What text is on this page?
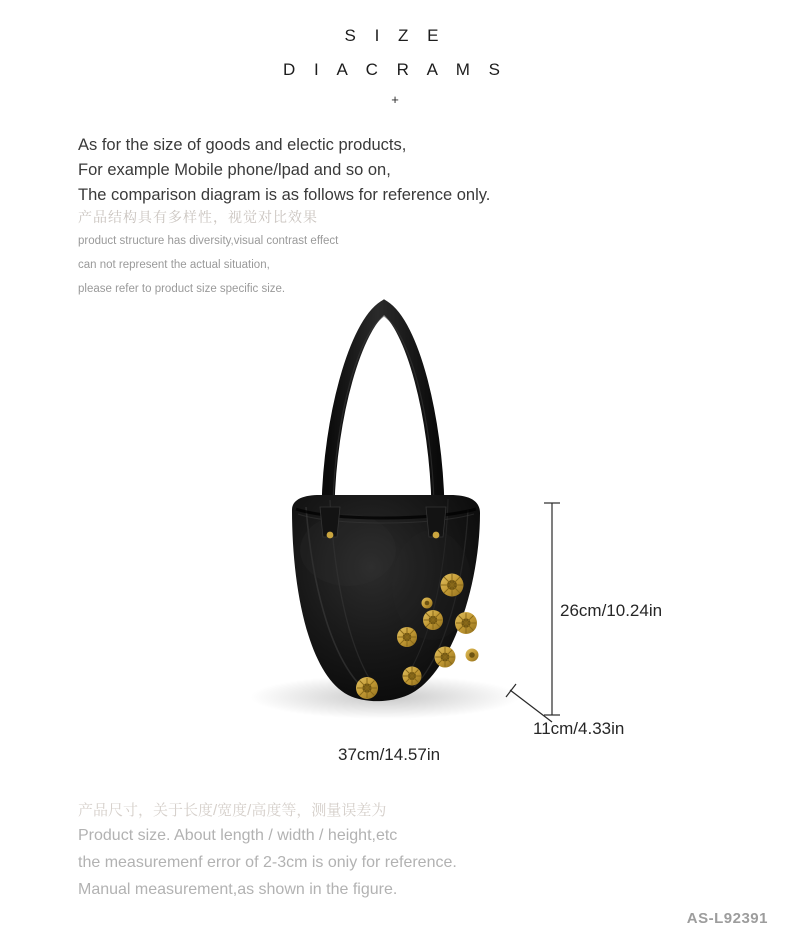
S I Z E
D I A C R A M S
+
As for the size of goods and electic products,
For example Mobile phone/lpad and so on,
The comparison diagram is as follows for reference only.
产品结构具有多样性，视觉对比效果
product structure has diversity,visual contrast effect
can not represent the actual situation,
please refer to product size specific size.
26cm/10.24in
11cm/4.33in
37cm/14.57in
产品尺寸，关于长度/宽度/高度等，测量误差为
Product size. About length / width / height,etc
the measuremenf error of 2-3cm is oniy for reference.
Manual measurement,as shown in the figure.
AS-L92391
